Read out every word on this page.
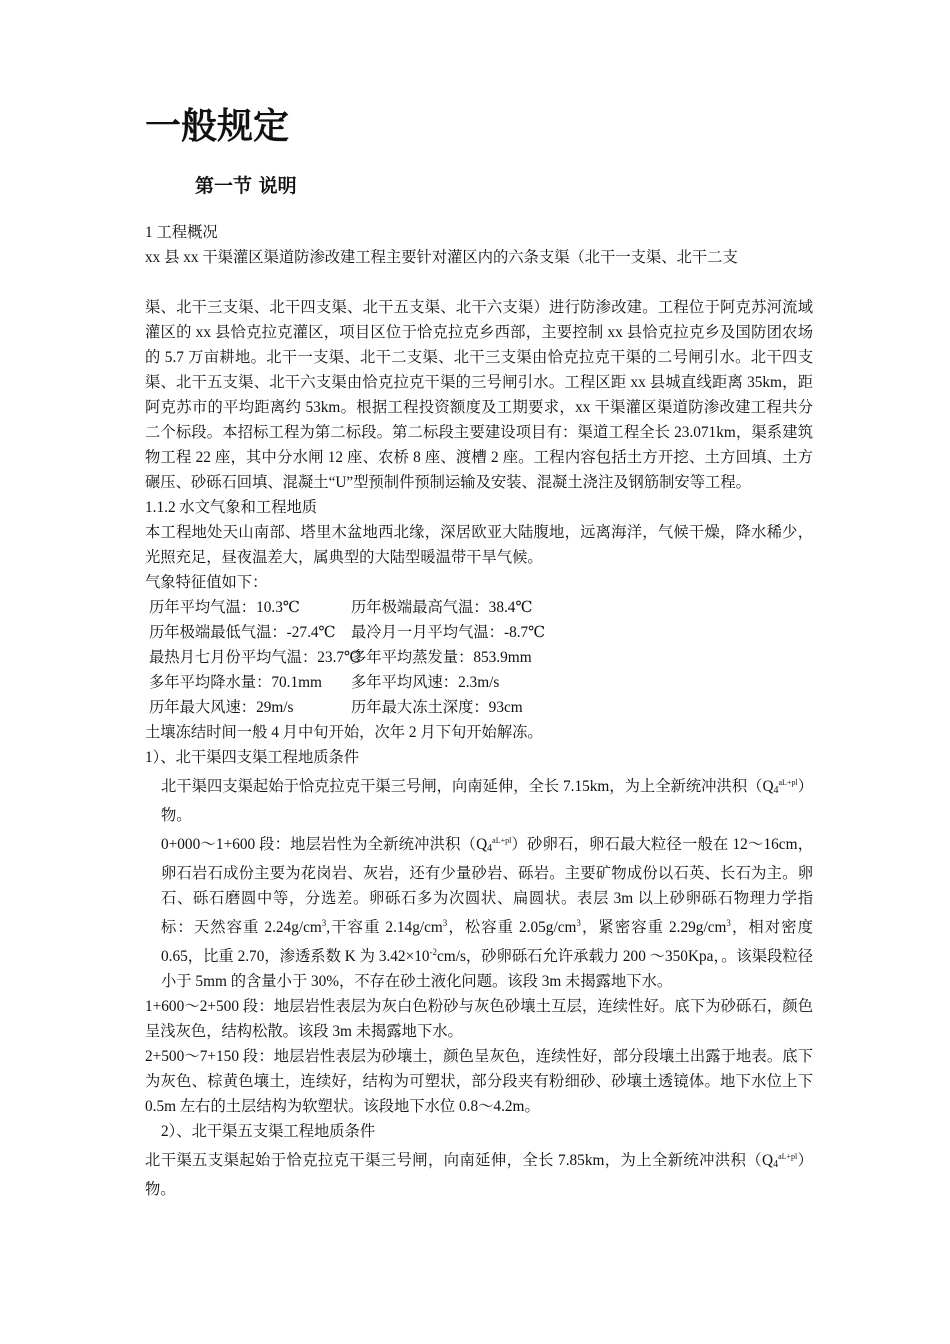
一般规定
第一节 说明

1 工程概况

xx 县 xx 干渠灌区渠道防渗改建工程主要针对灌区内的六条支渠（北干一支渠、北干二支

渠、北干三支渠、北干四支渠、北干五支渠、北干六支渠）进行防渗改建。工程位于阿克苏河流域灌区的 xx 县恰克拉克灌区，项目区位于恰克拉克乡西部，主要控制 xx 县恰克拉克乡及国防团农场的 5.7 万亩耕地。北干一支渠、北干二支渠、北干三支渠由恰克拉克干渠的二号闸引水。北干四支渠、北干五支渠、北干六支渠由恰克拉克干渠的三号闸引水。工程区距 xx 县城直线距离 35km，距阿克苏市的平均距离约 53km。根据工程投资额度及工期要求，xx 干渠灌区渠道防渗改建工程共分二个标段。本招标工程为第二标段。第二标段主要建设项目有：渠道工程全长 23.071km，渠系建筑物工程 22 座，其中分水闸 12 座、农桥 8 座、渡槽 2 座。工程内容包括土方开挖、土方回填、土方碾压、砂砾石回填、混凝土“U”型预制件预制运输及安装、混凝土浇注及钢筋制安等工程。

1.1.2 水文气象和工程地质

本工程地处天山南部、塔里木盆地西北缘，深居欧亚大陆腹地，远离海洋，气候干燥，降水稀少，光照充足，昼夜温差大，属典型的大陆型暖温带干旱气候。

气象特征值如下：

历年平均气温：10.3℃	历年极端最高气温：38.4℃

历年极端最低气温：-27.4℃ 最冷月一月平均气温：-8.7℃

最热月七月份平均气温：23.7℃多年平均蒸发量：853.9mm

多年平均降水量：70.1mm 多年平均风速：2.3m/s

历年最大风速：29m/s	历年最大冻土深度：93cm

土壤冻结时间一般 4 月中旬开始，次年 2 月下旬开始解冻。

1）、北干渠四支渠工程地质条件

北干渠四支渠起始于恰克拉克干渠三号闸，向南延伸，全长 7.15km，为上全新统冲洪积$(Q_4^{aL+pl})$物。

0+000～1+600 段：地层岩性为全新统冲洪积$(Q_4^{aL+pl})$砂卵石，卵石最大粒径一般在 12～16cm，卵石岩石成份主要为花岗岩、灰岩，还有少量砂岩、砾岩。主要矿物成份以石英、长石为主。卵石、砾石磨圆中等，分选差。卵砾石多为次圆状、扁圆状。表层 3m 以上砂卵砾石物理力学指标：天然容重 $2.24g/cm^3$,干容重 $2.14g/cm^3$，松容重 $2.05g/cm^3$，紧密容重 $2.29g/cm^3$，相对密度 0.65，比重 2.70，渗透系数 K 为 $3.42\times 10^{-2}cm/s$，砂卵砾石允许承载力 200 ～350Kpa，。该渠段粒径小于 5mm 的含量小于 30%，不存在砂土液化问题。该段 3m 未揭露地下水。

1+600～2+500 段：地层岩性表层为灰白色粉砂与灰色砂壤土互层，连续性好。底下为砂砾石，颜色呈浅灰色，结构松散。该段 3m 未揭露地下水。

2+500～7+150 段：地层岩性表层为砂壤土，颜色呈灰色，连续性好，部分段壤土出露于地表。底下为灰色、棕黄色壤土，连续好，结构为可塑状，部分段夹有粉细砂、砂壤土透镜体。地下水位上下 0.5m 左右的土层结构为软塑状。该段地下水位 0.8～4.2m。

2）、北干渠五支渠工程地质条件

北干渠五支渠起始于恰克拉克干渠三号闸，向南延伸，全长 7.85km，为上全新统冲洪积$(Q_4^{aL+pl})$物。
